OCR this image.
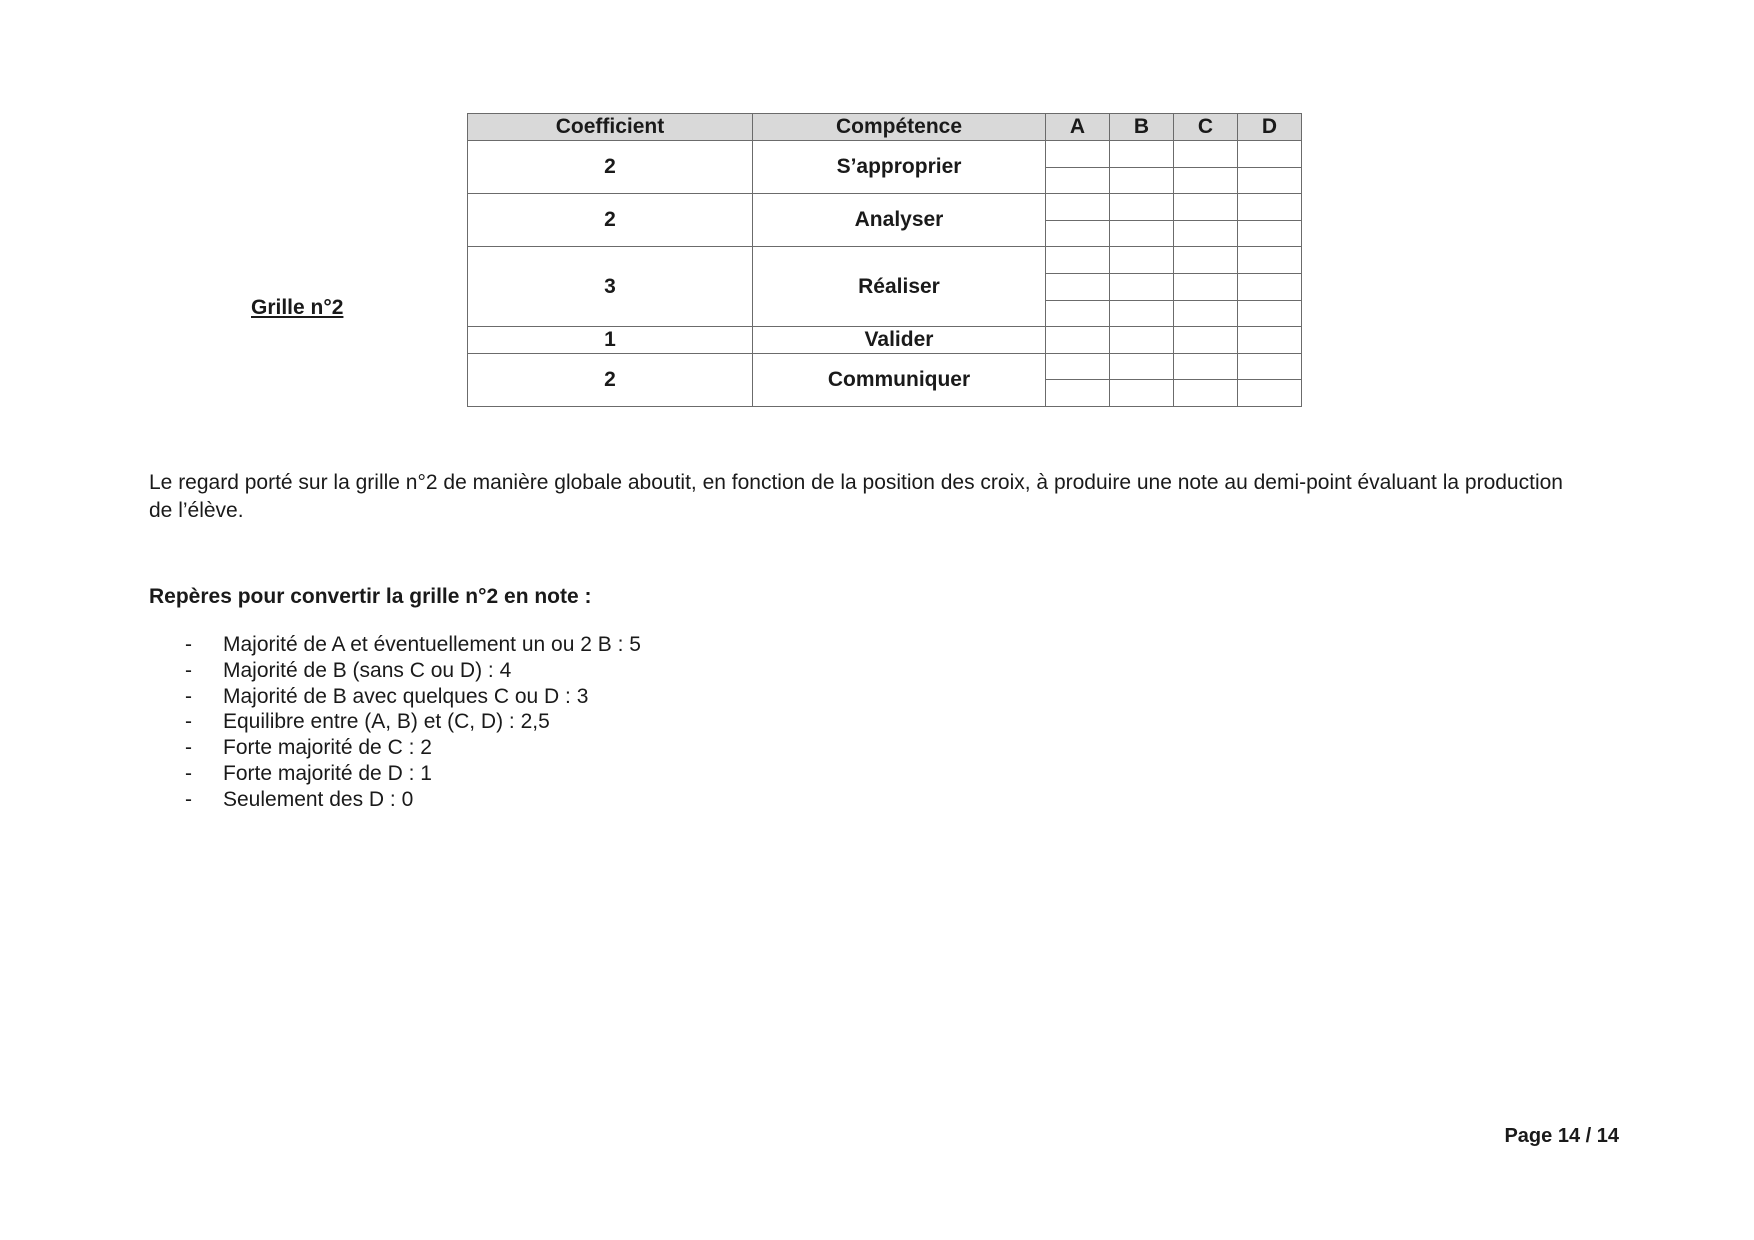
Grille n°2
Coefficient	Compétence	A	B	C	D
2	S’approprier				

2	Analyser				

3	Réaliser				

1	Valider				
2	Communiquer				

Le regard porté sur la grille n°2 de manière globale aboutit, en fonction de la position des croix, à produire une note au demi-point évaluant la production de l’élève.
Repères pour convertir la grille n°2 en note :
- Majorité de A et éventuellement un ou 2 B : 5
- Majorité de B (sans C ou D) : 4
- Majorité de B avec quelques C ou D : 3
- Equilibre entre (A, B) et (C, D) : 2,5
- Forte majorité de C : 2
- Forte majorité de D : 1
- Seulement des D : 0
Page 14 / 14
